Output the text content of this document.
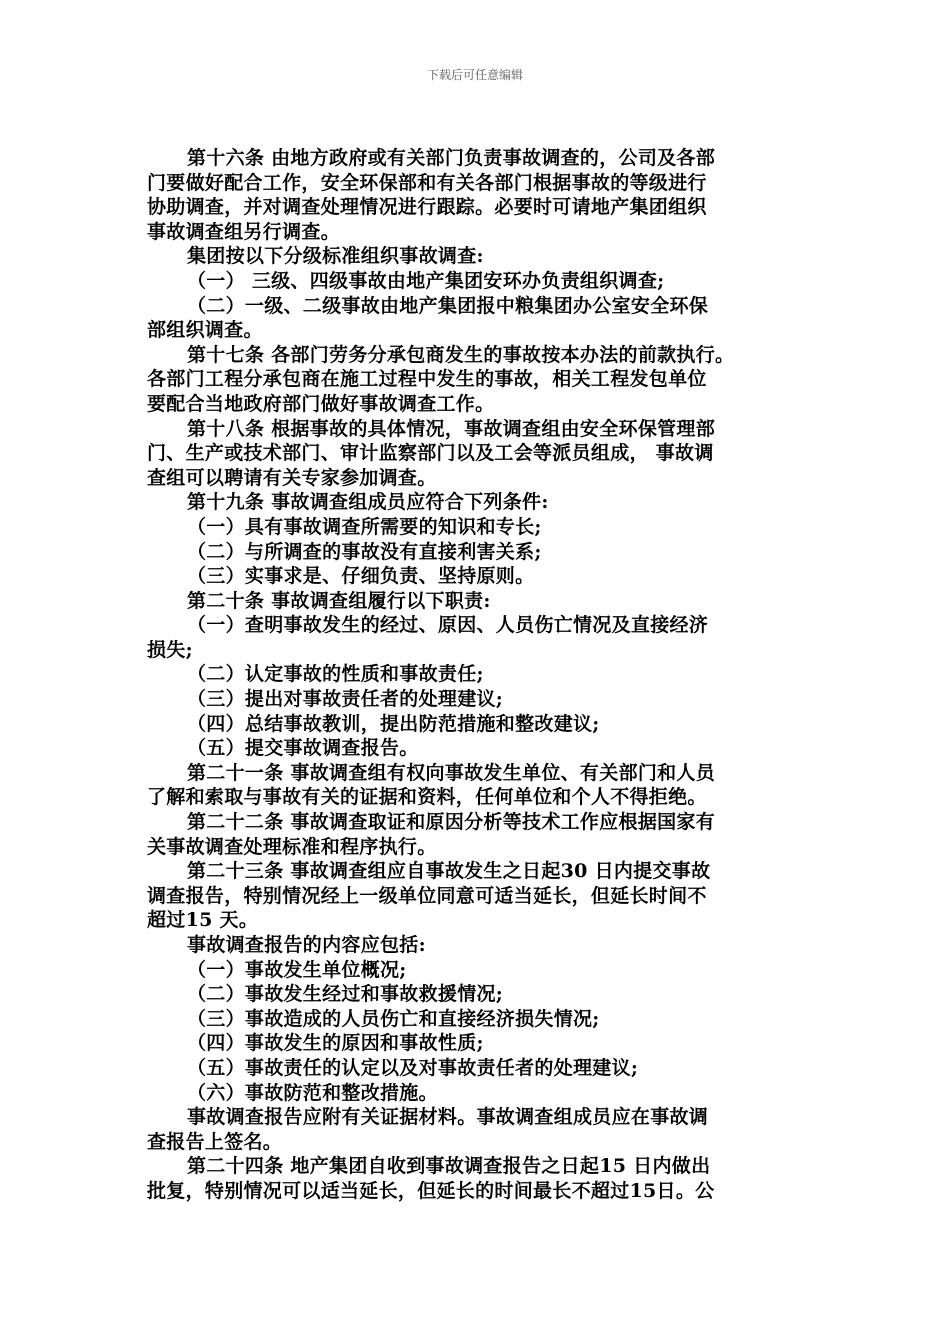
下载后可任意编辑
第十六条 由地方政府或有关部门负责事故调查的，公司及各部
门要做好配合工作，安全环保部和有关各部门根据事故的等级进行
协助调查，并对调查处理情况进行跟踪。必要时可请地产集团组织
事故调查组另行调查。
集团按以下分级标准组织事故调查:
（一） 三级、四级事故由地产集团安环办负责组织调查;
（二）一级、二级事故由地产集团报中粮集团办公室安全环保
部组织调查。
第十七条 各部门劳务分承包商发生的事故按本办法的前款执行。
各部门工程分承包商在施工过程中发生的事故，相关工程发包单位
要配合当地政府部门做好事故调查工作。
第十八条 根据事故的具体情况，事故调查组由安全环保管理部
门、生产或技术部门、审计监察部门以及工会等派员组成， 事故调
查组可以聘请有关专家参加调查。
第十九条 事故调查组成员应符合下列条件:
（一）具有事故调查所需要的知识和专长;
（二）与所调查的事故没有直接利害关系;
（三）实事求是、仔细负责、坚持原则。
第二十条 事故调查组履行以下职责:
（一）查明事故发生的经过、原因、人员伤亡情况及直接经济
损失;
（二）认定事故的性质和事故责任;
（三）提出对事故责任者的处理建议;
（四）总结事故教训，提出防范措施和整改建议;
（五）提交事故调查报告。
第二十一条 事故调查组有权向事故发生单位、有关部门和人员
了解和索取与事故有关的证据和资料，任何单位和个人不得拒绝。
第二十二条 事故调查取证和原因分析等技术工作应根据国家有
关事故调查处理标准和程序执行。
第二十三条 事故调查组应自事故发生之日起30 日内提交事故
调查报告，特别情况经上一级单位同意可适当延长，但延长时间不
超过15 天。
事故调查报告的内容应包括:
（一）事故发生单位概况;
（二）事故发生经过和事故救援情况;
（三）事故造成的人员伤亡和直接经济损失情况;
（四）事故发生的原因和事故性质;
（五）事故责任的认定以及对事故责任者的处理建议;
（六）事故防范和整改措施。
事故调查报告应附有关证据材料。事故调查组成员应在事故调
查报告上签名。
第二十四条 地产集团自收到事故调查报告之日起15 日内做出
批复，特别情况可以适当延长，但延长的时间最长不超过15日。公
